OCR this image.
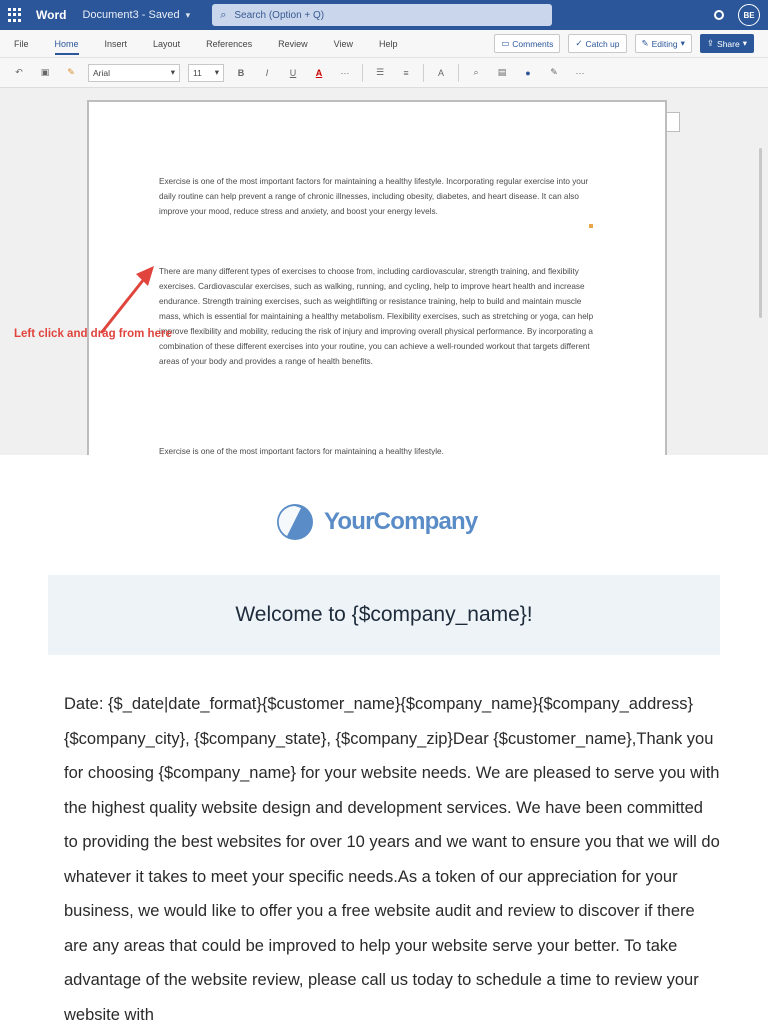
Word Document3 - Saved ▾	⌕ Search (Option + Q)	BE
File	Home	Insert	Layout	References	Review	View	Help	▭ Comments	✓ Catch up	✎ Editing ▾	⇪ Share ▾
↶	▣	✎	Arial	▾ 11 ▾	B	I	U	A	···	☰	≡	A	⌕	▤	●	✎	···

Exercise is one of the most important factors for maintaining a healthy lifestyle. Incorporating regular exercise into your daily routine can help prevent a range of chronic illnesses, including obesity, diabetes, and heart disease. It can also improve your mood, reduce stress and anxiety, and boost your energy levels.

There are many different types of exercises to choose from, including cardiovascular, strength training, and flexibility exercises. Cardiovascular exercises, such as walking, running, and cycling, help to improve heart health and increase endurance. Strength training exercises, such as weightlifting or resistance training, help to build and maintain muscle mass, which is essential for maintaining a healthy metabolism. Flexibility exercises, such as stretching or yoga, can help improve flexibility and mobility, reducing the risk of injury and improving overall physical performance. By incorporating a combination of these different exercises into your routine, you can achieve a well-rounded workout that targets different areas of your body and provides a range of health benefits.

Exercise is one of the most important factors for maintaining a healthy lifestyle.

Left click and drag from here
YourCompany
Welcome to {$company_name}!

Date: {$_date|date_format}{$customer_name}{$company_name}{$company_address}{$company_city}, {$company_state}, {$company_zip}Dear {$customer_name},Thank you for choosing {$company_name} for your website needs. We are pleased to serve you with the highest quality website design and development services. We have been committed to providing the best websites for over 10 years and we want to ensure you that we will do whatever it takes to meet your specific needs.As a token of our appreciation for your business, we would like to offer you a free website audit and review to discover if there are any areas that could be improved to help your website serve your better. To take advantage of the website review, please call us today to schedule a time to review your website with
